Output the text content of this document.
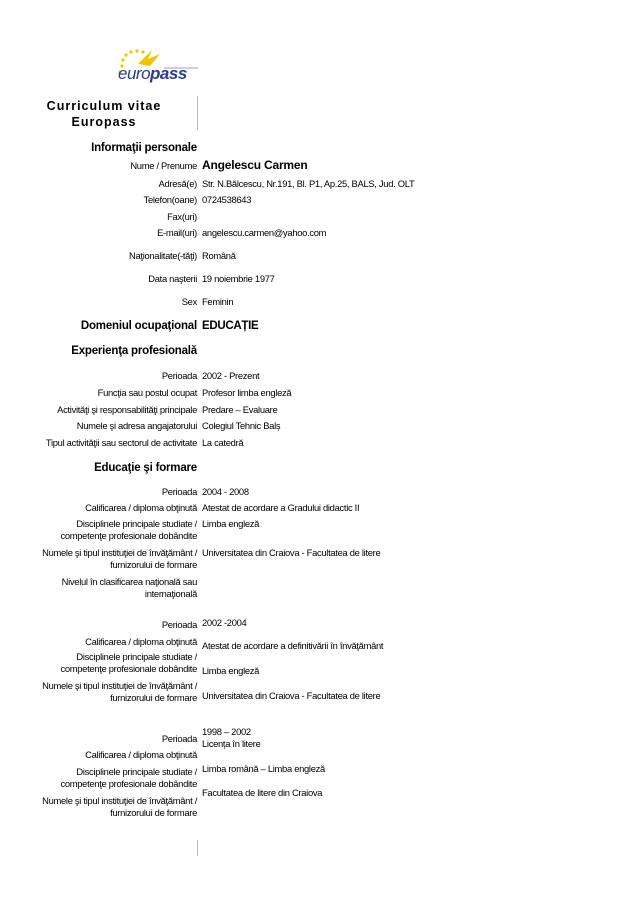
europass
Curriculum vitae
Europass
Informaţii personale
Nume / Prenume Angelescu Carmen
Adresă(e) Str. N.Bălcescu, Nr.191, Bl. P1, Ap.25, BALS, Jud. OLT
Telefon(oane) 0724538643
Fax(uri)
E-mail(uri) angelescu.carmen@yahoo.com
Naţionalitate(-tăţi) Română
Data naşterii 19 noiembrie 1977
Sex Feminin
Domeniul ocupaţional EDUCAȚIE
Experienţa profesională
Perioada 2002 - Prezent
Funcţia sau postul ocupat Profesor limba engleză
Activităţi şi responsabilităţi principale Predare – Evaluare
Numele şi adresa angajatorului Colegiul Tehnic Balș
Tipul activităţii sau sectorul de activitate La catedră
Educaţie şi formare
Perioada 2004 - 2008
Calificarea / diploma obţinută Atestat de acordare a Gradului didactic II
Disciplinele principale studiate / competenţe profesionale dobândite
Limba engleză
Numele şi tipul instituţiei de învăţământ / furnizorului de formare
Universitatea din Craiova - Facultatea de litere
Nivelul în clasificarea naţională sau internaţională
Perioada 2002 -2004
Calificarea / diploma obţinută Atestat de acordare a definitivării în învăţământ
Disciplinele principale studiate / competenţe profesionale dobândite Limba engleză
Numele şi tipul instituţiei de învăţământ / furnizorului de formare Universitatea din Craiova - Facultatea de litere
Perioada
1998 – 2002
Licența în litere
Calificarea / diploma obţinută
Disciplinele principale studiate / competenţe profesionale dobândite
Limba română – Limba engleză
Facultatea de litere din Craiova
Numele şi tipul instituţiei de învăţământ / furnizorului de formare
